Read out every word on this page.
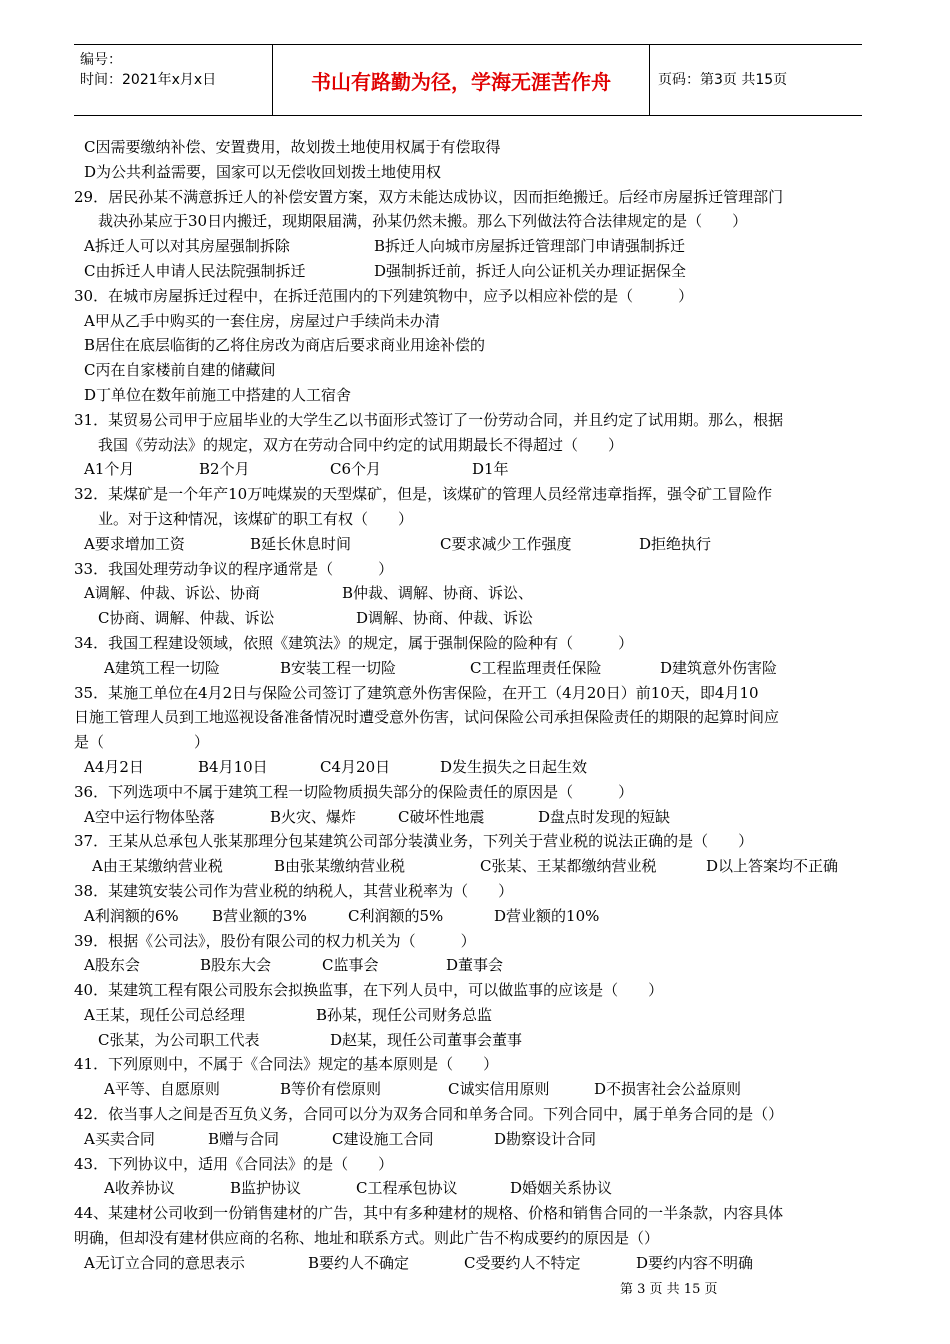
编号：
时间：2021年x月x日	书山有路勤为径，学海无涯苦作舟	页码：第3页 共15页
C因需要缴纳补偿、安置费用，故划拨土地使用权属于有偿取得
D为公共利益需要，国家可以无偿收回划拨土地使用权
29．居民孙某不满意拆迁人的补偿安置方案，双方未能达成协议，因而拒绝搬迁。后经市房屋拆迁管理部门
裁决孙某应于30日内搬迁，现期限届满，孙某仍然未搬。那么下列做法符合法律规定的是（　　）
A拆迁人可以对其房屋强制拆除	B拆迁人向城市房屋拆迁管理部门申请强制拆迁
C由拆迁人申请人民法院强制拆迁	D强制拆迁前，拆迁人向公证机关办理证据保全
30．在城市房屋拆迁过程中，在拆迁范围内的下列建筑物中，应予以相应补偿的是（　　　）
A甲从乙手中购买的一套住房，房屋过户手续尚未办清
B居住在底层临街的乙将住房改为商店后要求商业用途补偿的
C丙在自家楼前自建的储藏间
D丁单位在数年前施工中搭建的人工宿舍
31．某贸易公司甲于应届毕业的大学生乙以书面形式签订了一份劳动合同，并且约定了试用期。那么，根据
我国《劳动法》的规定，双方在劳动合同中约定的试用期最长不得超过（　　）
A1个月	B2个月	C6个月	D1年
32．某煤矿是一个年产10万吨煤炭的天型煤矿，但是，该煤矿的管理人员经常违章指挥，强令矿工冒险作
业。对于这种情况，该煤矿的职工有权（　　）
A要求增加工资	B延长休息时间	C要求减少工作强度	D拒绝执行
33．我国处理劳动争议的程序通常是（　　　）
A调解、仲裁、诉讼、协商	B仲裁、调解、协商、诉讼、
C协商、调解、仲裁、诉讼	D调解、协商、仲裁、诉讼
34．我国工程建设领域，依照《建筑法》的规定，属于强制保险的险种有（　　　）
A建筑工程一切险	B安装工程一切险	C工程监理责任保险	D建筑意外伤害险
35．某施工单位在4月2日与保险公司签订了建筑意外伤害保险，在开工（4月20日）前10天，即4月10
日施工管理人员到工地巡视设备准备情况时遭受意外伤害，试问保险公司承担保险责任的期限的起算时间应
是（　　　　　　）
A4月2日	B4月10日	C4月20日	D发生损失之日起生效
36．下列选项中不属于建筑工程一切险物质损失部分的保险责任的原因是（　　　）
A空中运行物体坠落	B火灾、爆炸	C破坏性地震	D盘点时发现的短缺
37．王某从总承包人张某那理分包某建筑公司部分装潢业务，下列关于营业税的说法正确的是（　　）
A由王某缴纳营业税	B由张某缴纳营业税	C张某、王某都缴纳营业税	D以上答案均不正确
38．某建筑安装公司作为营业税的纳税人，其营业税率为（　　）
A利润额的6% B营业额的3%	C利润额的5%	D营业额的10%
39．根据《公司法》，股份有限公司的权力机关为（　　　）
A股东会	B股东大会	C监事会	D董事会
40．某建筑工程有限公司股东会拟换监事，在下列人员中，可以做监事的应该是（　　）
A王某，现任公司总经理	B孙某，现任公司财务总监
C张某，为公司职工代表	D赵某，现任公司董事会董事
41．下列原则中，不属于《合同法》规定的基本原则是（　　）
A平等、自愿原则	B等价有偿原则	C诚实信用原则	D不损害社会公益原则
42．依当事人之间是否互负义务，合同可以分为双务合同和单务合同。下列合同中，属于单务合同的是（）
A买卖合同	B赠与合同	C建设施工合同	D勘察设计合同
43．下列协议中，适用《合同法》的是（　　）
A收养协议	B监护协议	C工程承包协议	D婚姻关系协议
44、某建材公司收到一份销售建材的广告，其中有多种建材的规格、价格和销售合同的一半条款，内容具体
明确，但却没有建材供应商的名称、地址和联系方式。则此广告不构成要约的原因是（）
A无订立合同的意思表示	B要约人不确定	C受要约人不特定	D要约内容不明确
第 3 页 共 15 页
